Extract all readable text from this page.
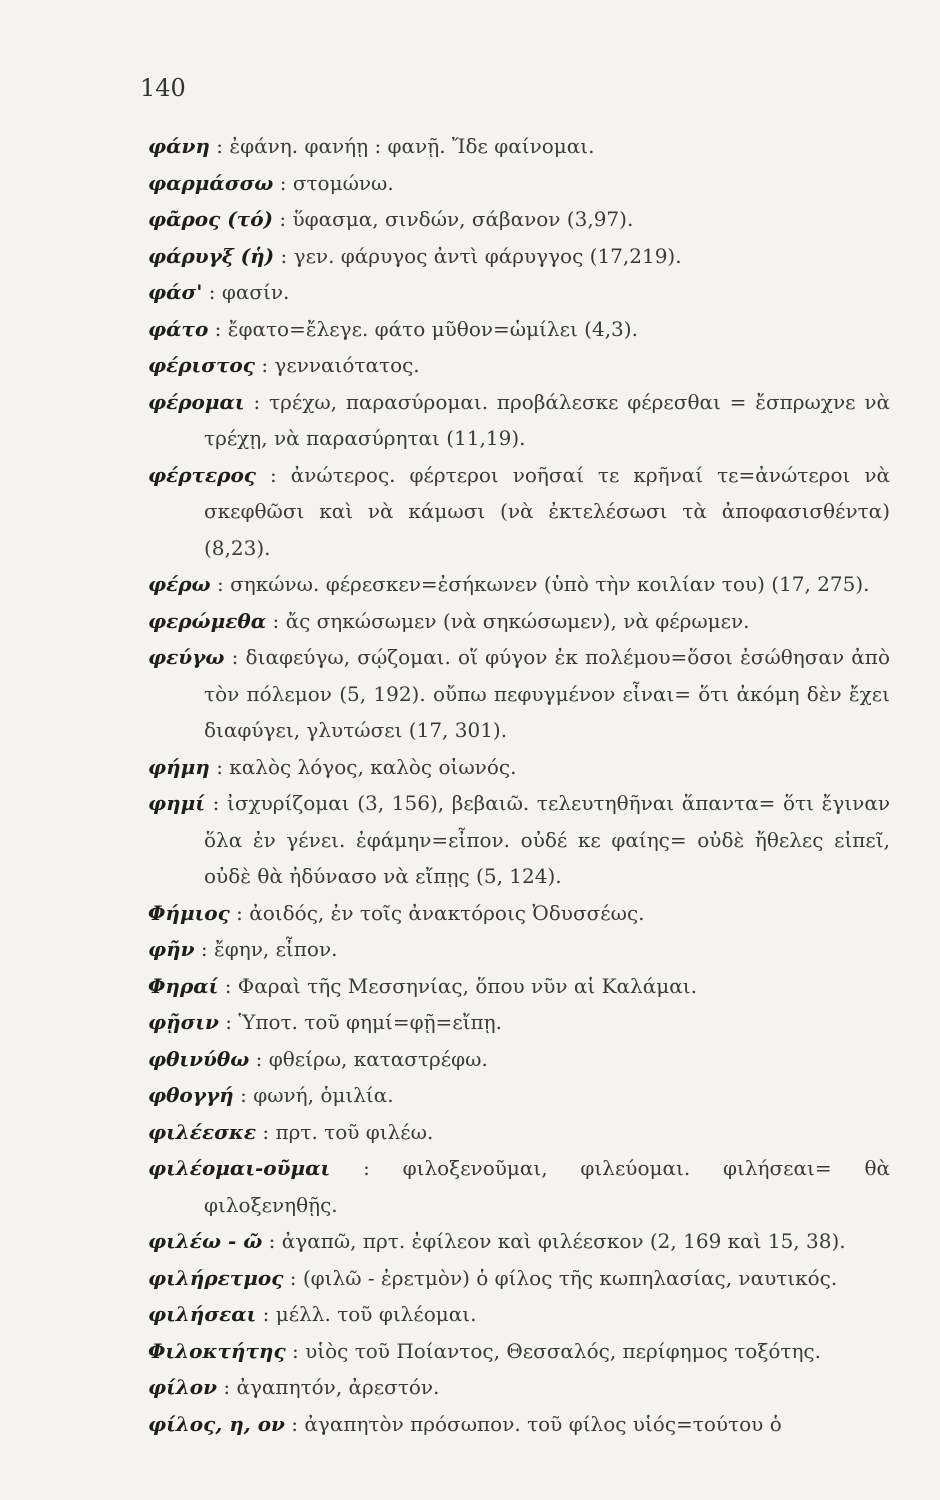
140
φάνη : ἐφάνη. φανήῃ : φανῇ. Ἴδε φαίνομαι.
φαρμάσσω : στομώνω.
φᾶρος (τό) : ὕφασμα, σινδών, σάβανον (3,97).
φάρυγξ (ἡ) : γεν. φάρυγος ἀντὶ φάρυγγος (17,219).
φάσ' : φασίν.
φάτο : ἔφατο=ἔλεγε. φάτο μῦθον=ὡμίλει (4,3).
φέριστος : γενναιότατος.
φέρομαι : τρέχω, παρασύρομαι. προβάλεσκε φέρεσθαι = ἔσπρωχνε νὰ τρέχῃ, νὰ παρασύρηται (11,19).
φέρτερος : ἀνώτερος. φέρτεροι νοῆσαί τε κρῆναί τε=ἀνώτεροι νὰ σκεφθῶσι καὶ νὰ κάμωσι (νὰ ἐκτελέσωσι τὰ ἀποφασισθέντα) (8,23).
φέρω : σηκώνω. φέρεσκεν=ἐσήκωνεν (ὑπὸ τὴν κοιλίαν του) (17, 275).
φερώμεθα : ἄς σηκώσωμεν (νὰ σηκώσωμεν), νὰ φέρωμεν.
φεύγω : διαφεύγω, σῴζομαι. οἵ φύγον ἐκ πολέμου=ὅσοι ἐσώθησαν ἀπὸ τὸν πόλεμον (5, 192). οὔπω πεφυγμένον εἶναι= ὅτι ἀκόμη δὲν ἔχει διαφύγει, γλυτώσει (17, 301).
φήμη : καλὸς λόγος, καλὸς οἰωνός.
φημί : ἰσχυρίζομαι (3, 156), βεβαιῶ. τελευτηθῆναι ἅπαντα= ὅτι ἔγιναν ὅλα ἐν γένει. ἐφάμην=εἶπον. οὐδέ κε φαίης= οὐδὲ ἤθελες εἰπεῖ, οὐδὲ θὰ ἠδύνασο νὰ εἴπῃς (5, 124).
Φήμιος : ἀοιδός, ἐν τοῖς ἀνακτόροις Ὀδυσσέως.
φῆν : ἔφην, εἶπον.
Φηραί : Φαραὶ τῆς Μεσσηνίας, ὅπου νῦν αἱ Καλάμαι.
φῇσιν : Ὑποτ. τοῦ φημί=φῇ=εἴπῃ.
φθινύθω : φθείρω, καταστρέφω.
φθογγή : φωνή, ὁμιλία.
φιλέεσκε : πρτ. τοῦ φιλέω.
φιλέομαι-οῦμαι : φιλοξενοῦμαι, φιλεύομαι. φιλήσεαι= θὰ φιλοξενηθῇς.
φιλέω - ῶ : ἀγαπῶ, πρτ. ἐφίλεον καὶ φιλέεσκον (2, 169 καὶ 15, 38).
φιλήρετμος : (φιλῶ - ἐρετμὸν) ὁ φίλος τῆς κωπηλασίας, ναυτικός.
φιλήσεαι : μέλλ. τοῦ φιλέομαι.
Φιλοκτήτης : υἱὸς τοῦ Ποίαντος, Θεσσαλός, περίφημος τοξότης.
φίλον : ἀγαπητόν, ἀρεστόν.
φίλος, η, ον : ἀγαπητὸν πρόσωπον. τοῦ φίλος υἱός=τούτου ὁ
